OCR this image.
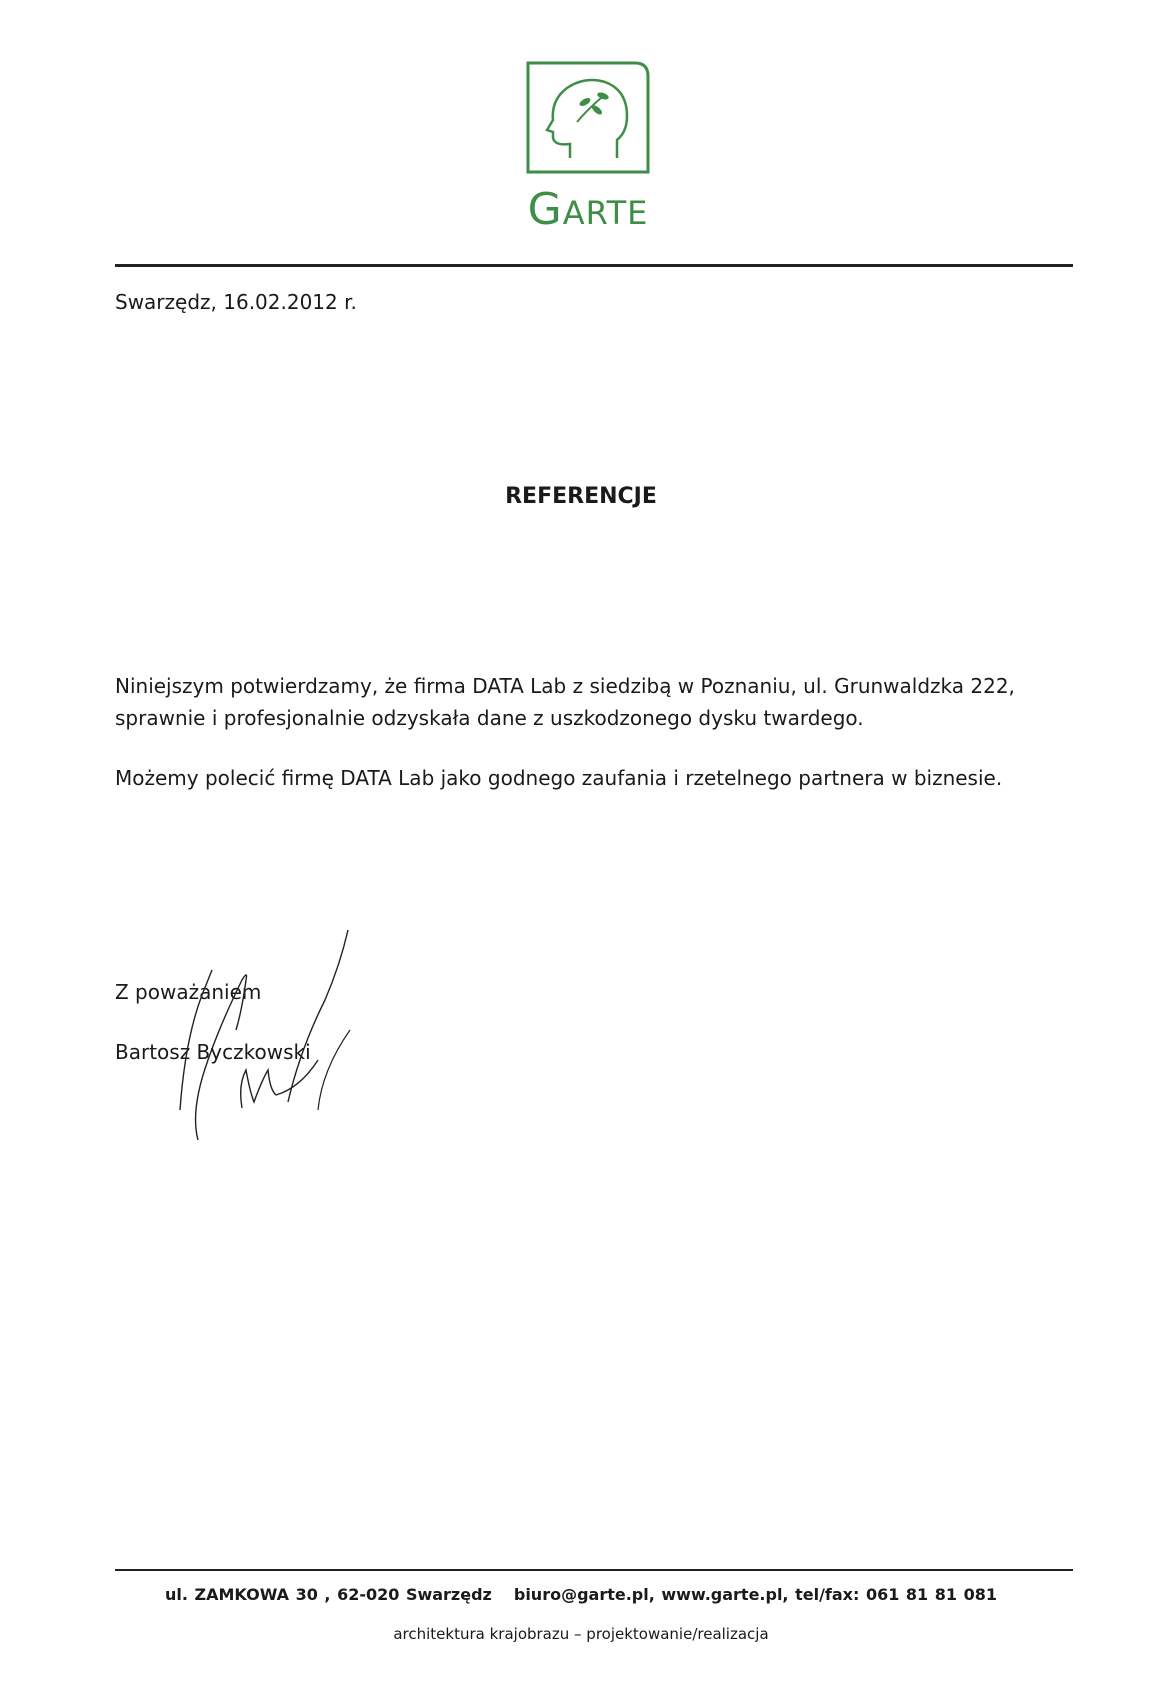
GARTE
Swarzędz, 16.02.2012 r.
REFERENCJE
Niniejszym potwierdzamy, że firma DATA Lab z siedzibą w Poznaniu, ul. Grunwaldzka 222, sprawnie i profesjonalnie odzyskała dane z uszkodzonego dysku twardego.
Możemy polecić firmę DATA Lab jako godnego zaufania i rzetelnego partnera w biznesie.
Z poważaniem
Bartosz Byczkowski
ul. ZAMKOWA 30 , 62-020 Swarzędz biuro@garte.pl, www.garte.pl, tel/fax: 061 81 81 081
architektura krajobrazu – projektowanie/realizacja
